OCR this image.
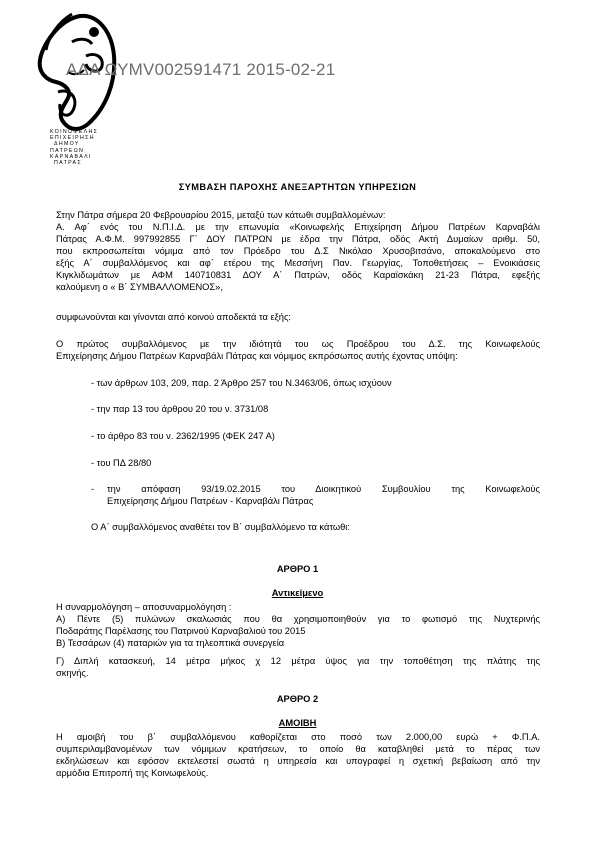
ΚΟΙΝΩΦΕΛΗΣ
ΕΠΙΧΕΙΡΗΣΗ
ΔΗΜΟΥ
ΠΑΤΡΕΩΝ
ΚΑΡΝΑΒΑΛΙ
ΠΑΤΡΑΣ
ΑΔΑ ΩΥΜV002591471 2015-02-21
ΣΥΜΒΑΣΗ ΠΑΡΟΧΗΣ ΑΝΕΞΑΡΤΗΤΩΝ ΥΠΗΡΕΣΙΩΝ
Στην Πάτρα σήμερα 20 Φεβρουαρίου 2015, μεταξύ των κάτωθι συμβαλλομένων:
Α. Αφ΄ ενός του Ν.Π.Ι.Δ. με την επωνυμία «Κοινωφελής Επιχείρηση Δήμου Πατρέων Καρναβάλι
Πάτρας Α.Φ.Μ. 997992855 Γ΄ ΔΟΥ ΠΑΤΡΩΝ με έδρα την Πάτρα, οδός Ακτή Δυμαίων αριθμ. 50,
που εκπροσωπείται νόμιμα από τον Πρόεδρο του Δ.Σ Νικόλαο Χρυσοβιτσάνο, αποκαλούμενο στο
εξής Α΄ συμβαλλόμενος και αφ΄ ετέρου της Μεσσήνη Παν. Γεωργίας, Τοποθετήσεις – Ενοικιάσεις
Κιγκλιδωμάτων με ΑΦΜ 140710831 ΔΟΥ Α΄ Πατρών, οδός Καραϊσκάκη 21-23 Πάτρα, εφεξής
καλούμενη ο « Β΄ ΣΥΜΒΑΛΛΟΜΕΝΟΣ»,
συμφωνούνται και γίνονται από κοινού αποδεκτά τα εξής:
Ο πρώτος συμβαλλόμενος με την ιδιότητά του ως Προέδρου του Δ.Σ. της Κοινωφελούς
Επιχείρησης Δήμου Πατρέων Καρναβάλι Πάτρας και νόμιμος εκπρόσωπος αυτής έχοντας υπόψη:
- των άρθρων 103, 209, παρ. 2 Άρθρο 257 του Ν.3463/06, όπως ισχύουν
- την παρ 13 του άρθρου 20 του ν. 3731/08
- το άρθρο 83 του ν. 2362/1995 (ΦΕΚ 247 Α)
- του ΠΔ 28/80
- την απόφαση 93/19.02.2015 του Διοικητικού Συμβουλίου της Κοινωφελούς
Επιχείρησης Δήμου Πατρέων - Καρναβάλι Πάτρας
Ο Α΄ συμβαλλόμενος αναθέτει τον Β΄ συμβαλλόμενο τα κάτωθι:
ΑΡΘΡΟ 1
Αντικείμενο
Η συναρμολόγηση – αποσυναρμολόγηση :
Α) Πέντε (5) πυλώνων σκαλωσιάς που θα χρησιμοποιηθούν για το φωτισμό της Νυχτερινής
Ποδαράτης Παρέλασης του Πατρινού Καρναβαλιού του 2015
Β) Τεσσάρων (4) παταριών για τα τηλεοπτικά συνεργεία
Γ) Διπλή κατασκευή, 14 μέτρα μήκος χ 12 μέτρα ύψος για την τοποθέτηση της πλάτης της
σκηνής.
ΑΡΘΡΟ 2
ΑΜΟΙΒΗ
Η αμοιβή του β΄ συμβαλλόμενου καθορίζεται στο ποσό των 2.000,00 ευρώ + Φ.Π.Α.
συμπεριλαμβανομένων των νόμιμων κρατήσεων, το οποίο θα καταβληθεί μετά το πέρας των
εκδηλώσεων και εφόσον εκτελεστεί σωστά η υπηρεσία και υπογραφεί η σχετική βεβαίωση από την
αρμόδια Επιτροπή της Κοινωφελούς.
